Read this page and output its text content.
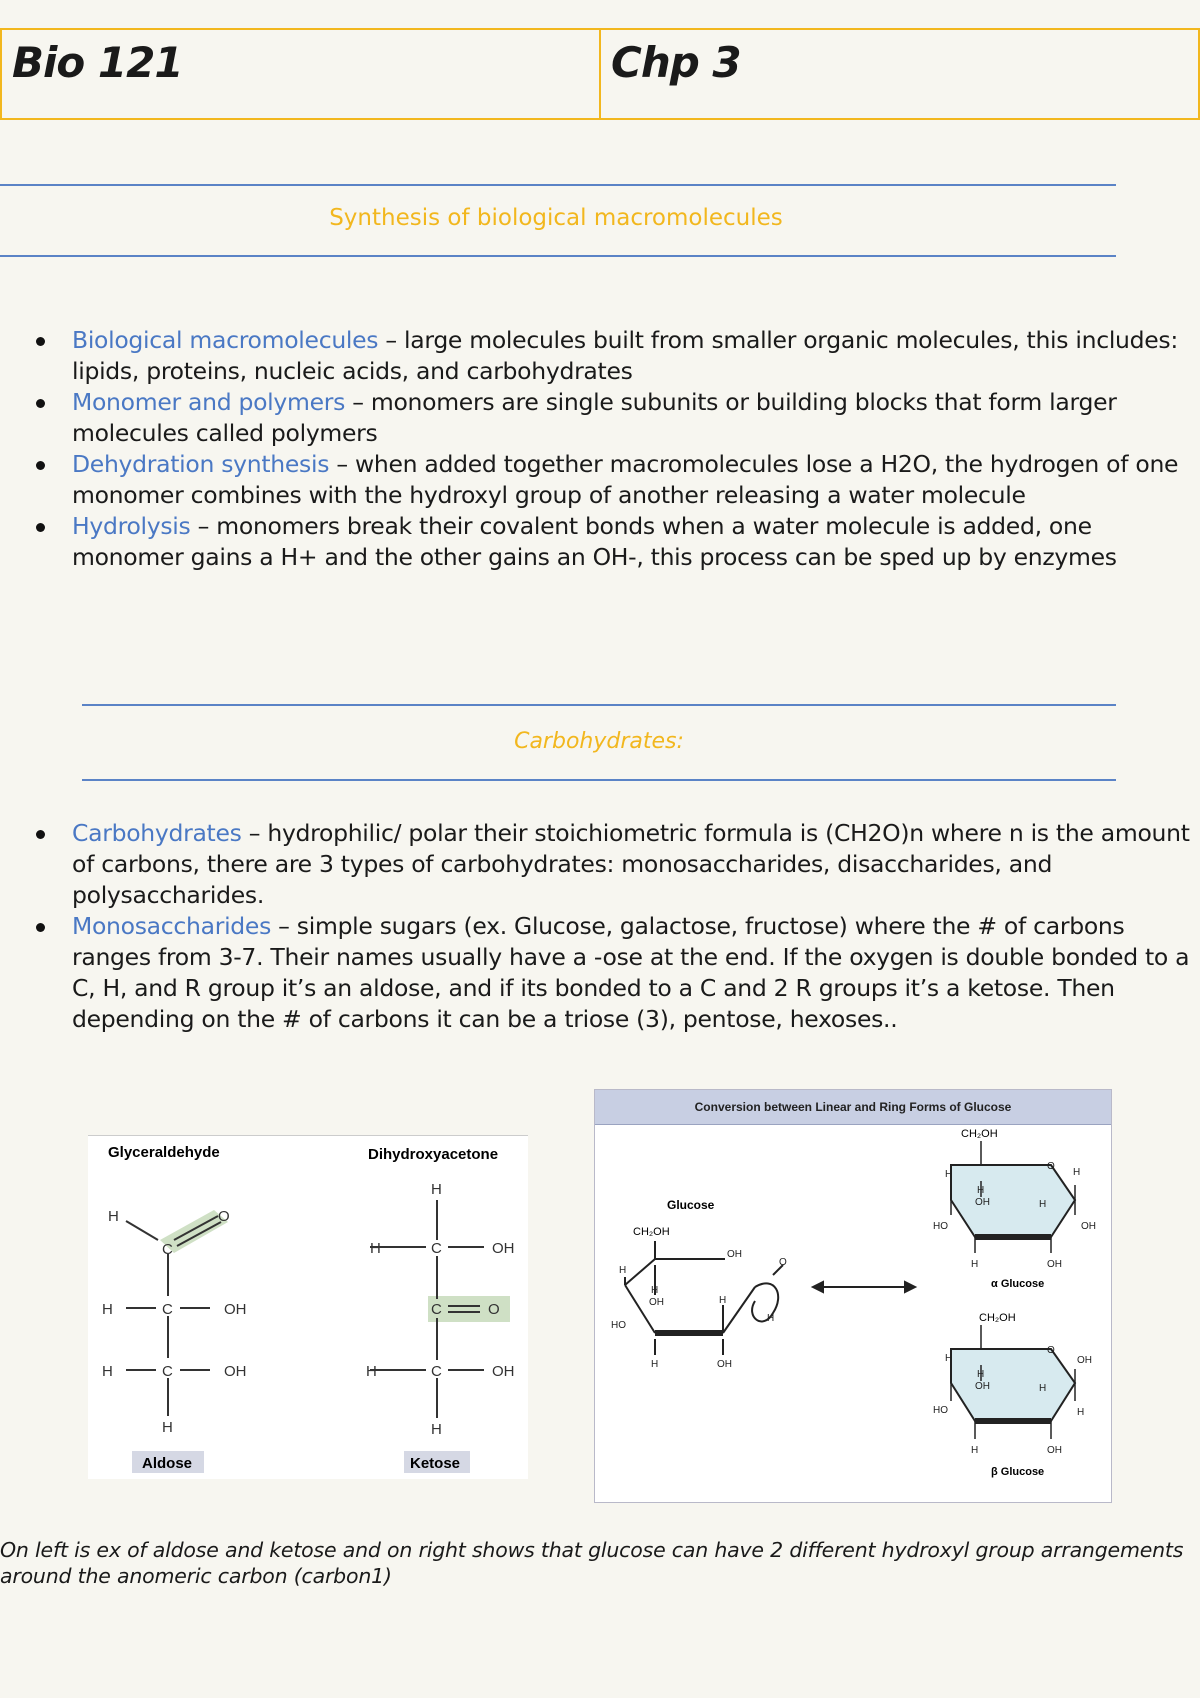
Bio 121	Chp 3
Synthesis of biological macromolecules
Biological macromolecules – large molecules built from smaller organic molecules, this includes: lipids, proteins, nucleic acids, and carbohydrates
Monomer and polymers – monomers are single subunits or building blocks that form larger molecules called polymers
Dehydration synthesis – when added together macromolecules lose a H2O, the hydrogen of one monomer combines with the hydroxyl group of another releasing a water molecule
Hydrolysis – monomers break their covalent bonds when a water molecule is added, one monomer gains a H+ and the other gains an OH-, this process can be sped up by enzymes
Carbohydrates:
Carbohydrates – hydrophilic/ polar their stoichiometric formula is (CH2O)n where n is the amount of carbons, there are 3 types of carbohydrates: monosaccharides, disaccharides, and polysaccharides.
Monosaccharides – simple sugars (ex. Glucose, galactose, fructose) where the # of carbons ranges from 3-7. Their names usually have a -ose at the end. If the oxygen is double bonded to a C, H, and R group it’s an aldose, and if its bonded to a C and 2 R groups it’s a ketose. Then depending on the # of carbons it can be a triose (3), pentose, hexoses..
Glyceraldehyde	Dihydroxyacetone
H
C
O
H	C	OH
H	C	OH
H
Aldose
H
H	C	OH
C	O
H	C	OH
H
Ketose
Conversion between Linear and Ring Forms of Glucose
Glucose
CH₂OH
H
H
OH
OH
H
HO
H	OH
O
H
CH₂OH
O
H
H
OH	H
H
HO	OH
H	OH
α Glucose
CH₂OH
O
H
H
OH	H
OH
HO	H
H	OH
β Glucose
On left is ex of aldose and ketose and on right shows that glucose can have 2 different hydroxyl group arrangements around the anomeric carbon (carbon1)
